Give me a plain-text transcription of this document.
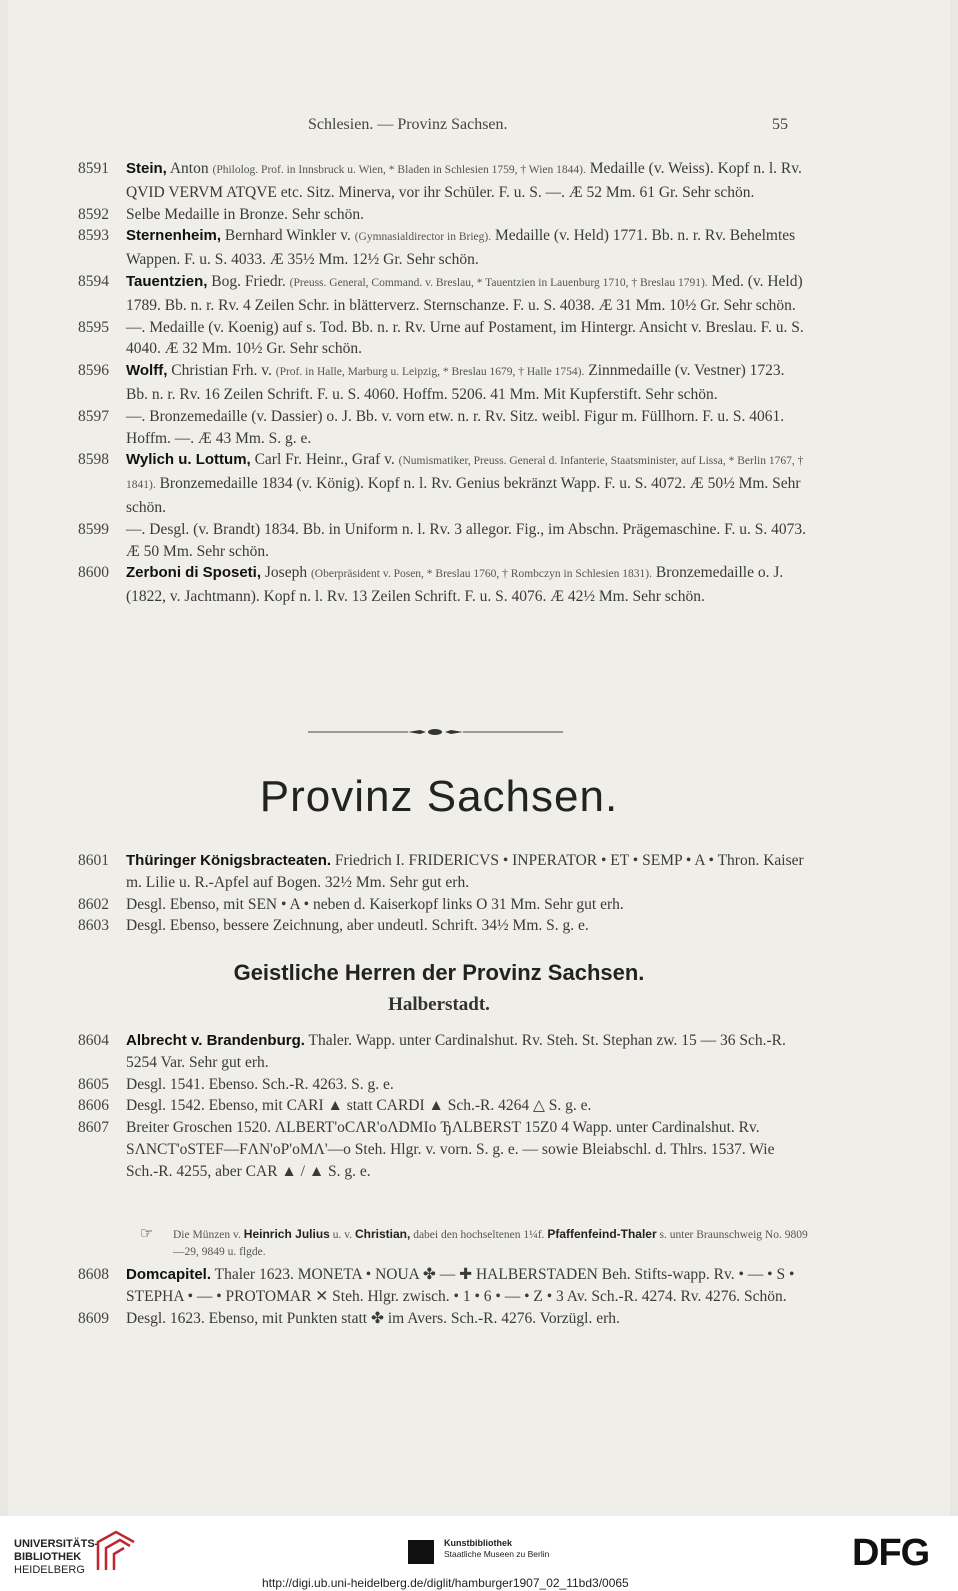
Schlesien. — Provinz Sachsen.	55

8591 Stein, Anton (Philolog. Prof. in Innsbruck u. Wien, * Bladen in Schlesien 1759, † Wien 1844). Medaille (v. Weiss). Kopf n. l. Rv. QVID VERVM ATQVE etc. Sitz. Minerva, vor ihr Schüler. F. u. S. —. Æ 52 Mm. 61 Gr. Sehr schön.

8592 Selbe Medaille in Bronze. Sehr schön.

8593 Sternenheim, Bernhard Winkler v. (Gymnasialdirector in Brieg). Medaille (v. Held) 1771. Bb. n. r. Rv. Behelmtes Wappen. F. u. S. 4033. Æ 35½ Mm. 12½ Gr. Sehr schön.

8594 Tauentzien, Bog. Friedr. (Preuss. General, Command. v. Breslau, * Tauentzien in Lauenburg 1710, † Breslau 1791). Med. (v. Held) 1789. Bb. n. r. Rv. 4 Zeilen Schr. in blätterverz. Sternschanze. F. u. S. 4038. Æ 31 Mm. 10½ Gr. Sehr schön.

8595 —. Medaille (v. Koenig) auf s. Tod. Bb. n. r. Rv. Urne auf Postament, im Hintergr. Ansicht v. Breslau. F. u. S. 4040. Æ 32 Mm. 10½ Gr. Sehr schön.

8596 Wolff, Christian Frh. v. (Prof. in Halle, Marburg u. Leipzig, * Breslau 1679, † Halle 1754). Zinnmedaille (v. Vestner) 1723. Bb. n. r. Rv. 16 Zeilen Schrift. F. u. S. 4060. Hoffm. 5206. 41 Mm. Mit Kupferstift. Sehr schön.

8597 —. Bronzemedaille (v. Dassier) o. J. Bb. v. vorn etw. n. r. Rv. Sitz. weibl. Figur m. Füllhorn. F. u. S. 4061. Hoffm. —. Æ 43 Mm. S. g. e.

8598 Wylich u. Lottum, Carl Fr. Heinr., Graf v. (Numismatiker, Preuss. General d. Infanterie, Staatsminister, auf Lissa, * Berlin 1767, † 1841). Bronzemedaille 1834 (v. König). Kopf n. l. Rv. Genius bekränzt Wapp. F. u. S. 4072. Æ 50½ Mm. Sehr schön.

8599 —. Desgl. (v. Brandt) 1834. Bb. in Uniform n. l. Rv. 3 allegor. Fig., im Abschn. Prägemaschine. F. u. S. 4073. Æ 50 Mm. Sehr schön.

8600 Zerboni di Sposeti, Joseph (Oberpräsident v. Posen, * Breslau 1760, † Rombczyn in Schlesien 1831). Bronzemedaille o. J. (1822, v. Jachtmann). Kopf n. l. Rv. 13 Zeilen Schrift. F. u. S. 4076. Æ 42½ Mm. Sehr schön.

Provinz Sachsen.

8601 Thüringer Königsbracteaten. Friedrich I. FRIDERICVS • INPERATOR • ET • SEMP • A • Thron. Kaiser m. Lilie u. R.-Apfel auf Bogen. 32½ Mm. Sehr gut erh.

8602 Desgl. Ebenso, mit SEN • A • neben d. Kaiserkopf links O 31 Mm. Sehr gut erh.

8603 Desgl. Ebenso, bessere Zeichnung, aber undeutl. Schrift. 34½ Mm. S. g. e.

Geistliche Herren der Provinz Sachsen.
Halberstadt.

8604 Albrecht v. Brandenburg. Thaler. Wapp. unter Cardinalshut. Rv. Steh. St. Stephan zw. 15 — 36 Sch.-R. 5254 Var. Sehr gut erh.

8605 Desgl. 1541. Ebenso. Sch.-R. 4263. S. g. e.

8606 Desgl. 1542. Ebenso, mit CARI ▲ statt CARDI ▲ Sch.-R. 4264 △ S. g. e.

8607 Breiter Groschen 1520. ΛLBERT'oCΛR'oΛDMIo ЂΛLBERST 15Z0 4 Wapp. unter Cardinalshut. Rv. SΛNCT'oSTEF—FΛN'oP'oMΛ'—o Steh. Hlgr. v. vorn. S. g. e. — sowie Bleiabschl. d. Thlrs. 1537. Wie Sch.-R. 4255, aber CAR ▲ / ▲ S. g. e.

☞ Die Münzen v. Heinrich Julius u. v. Christian, dabei den hochseltenen 1¼f. Pfaffenfeind-Thaler s. unter Braunschweig No. 9809—29, 9849 u. flgde.

8608 Domcapitel. Thaler 1623. MONETA • NOUA ✤ — ✚ HALBERSTADEN Beh. Stifts-wapp. Rv. • — • S • STEPHA • — • PROTOMAR ✕ Steh. Hlgr. zwisch. • 1 • 6 • — • Z • 3 Av. Sch.-R. 4274. Rv. 4276. Schön.

8609 Desgl. 1623. Ebenso, mit Punkten statt ✤ im Avers. Sch.-R. 4276. Vorzügl. erh.

UNIVERSITÄTS-
BIBLIOTHEK
HEIDELBERG
Kunstbibliothek
Staatliche Museen zu Berlin	DFG
http://digi.ub.uni-heidelberg.de/diglit/hamburger1907_02_11bd3/0065
